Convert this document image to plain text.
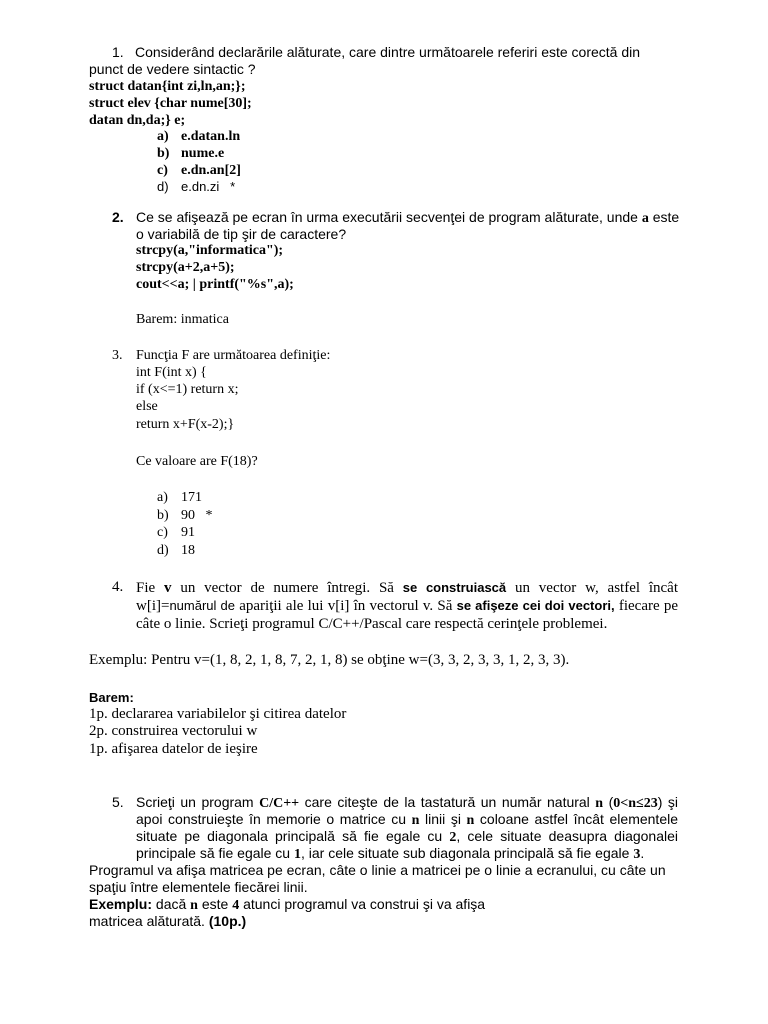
1. Considerând declarările alăturate, care dintre următoarele referiri este corectă din
punct de vedere sintactic ?
struct datan{int zi,ln,an;};
struct elev {char nume[30];
datan dn,da;} e;
a) e.datan.ln
b) nume.e
c) e.dn.an[2]
d) e.dn.zi   *
2. Ce se afişează pe ecran în urma executării secvenţei de program alăturate, unde a este
o variabilă de tip şir de caractere?
strcpy(a,"informatica");
strcpy(a+2,a+5);
cout<<a; | printf("%s",a);
Barem: inmatica
3. Funcţia F are următoarea definiţie:
int F(int x) {
if (x<=1) return x;
else
return x+F(x-2);}
Ce valoare are F(18)?
a) 171
b) 90   *
c) 91
d) 18
4. Fie v un vector de numere întregi. Să se construiască un vector w, astfel încât
w[i]=numărul de apariţii ale lui v[i] în vectorul v. Să se afişeze cei doi vectori, fiecare pe
câte o linie. Scrieţi programul C/C++/Pascal care respectă cerinţele problemei.
Exemplu: Pentru v=(1, 8, 2, 1, 8, 7, 2, 1, 8) se obţine w=(3, 3, 2, 3, 3, 1, 2, 3, 3).
Barem:
1p. declararea variabilelor şi citirea datelor
2p. construirea vectorului w
1p. afişarea datelor de ieşire
5. Scrieţi un program C/C++ care citeşte de la tastatură un număr natural n (0<n≤23) şi
apoi construieşte în memorie o matrice cu n linii şi n coloane astfel încât elementele
situate pe diagonala principală să fie egale cu 2, cele situate deasupra diagonalei
principale să fie egale cu 1, iar cele situate sub diagonala principală să fie egale 3.
Programul va afişa matricea pe ecran, câte o linie a matricei pe o linie a ecranului, cu câte un
spaţiu între elementele fiecărei linii.
Exemplu: dacă n este 4 atunci programul va construi şi va afişa
matricea alăturată. (10p.)
